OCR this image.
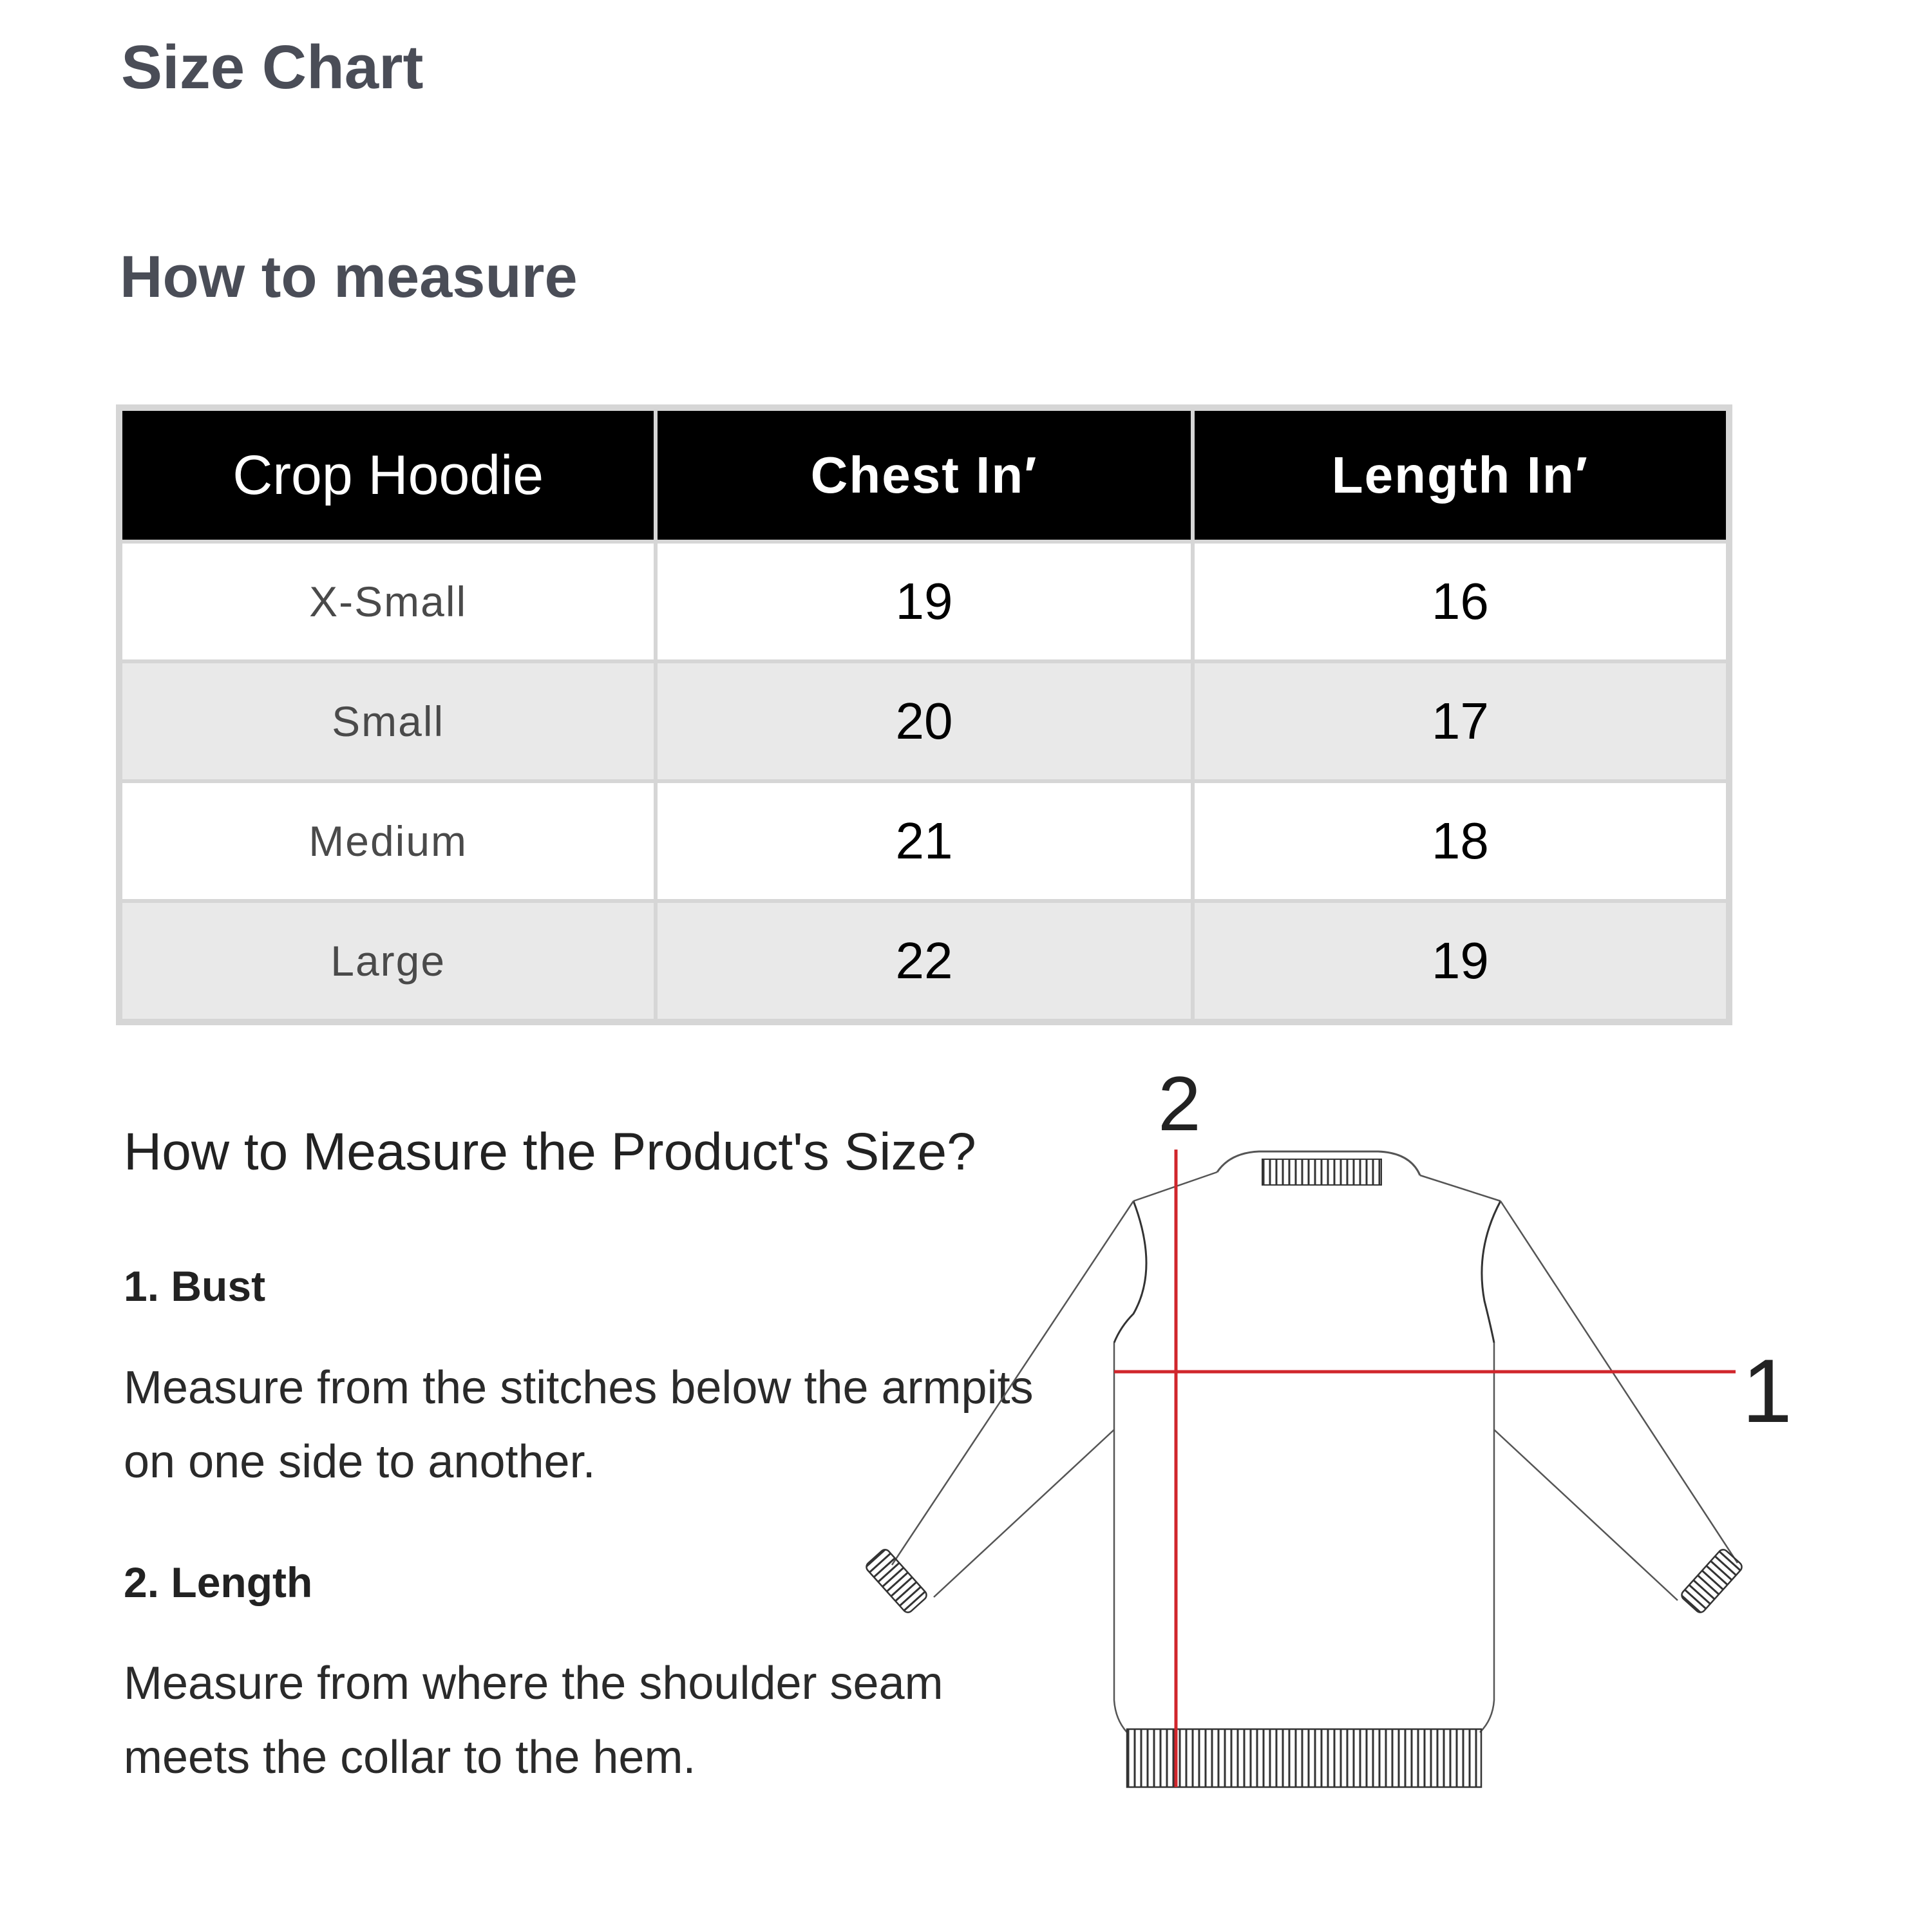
Size Chart
How to measure
Crop Hoodie	Chest In′	Length In′
X-Small	19	16
Small	20	17
Medium	21	18
Large	22	19

How to Measure the Product's Size?

1. Bust

Measure from the stitches below the armpits on one side to another.

2. Length

Measure from where the shoulder seam meets the collar to the hem.

2
1
